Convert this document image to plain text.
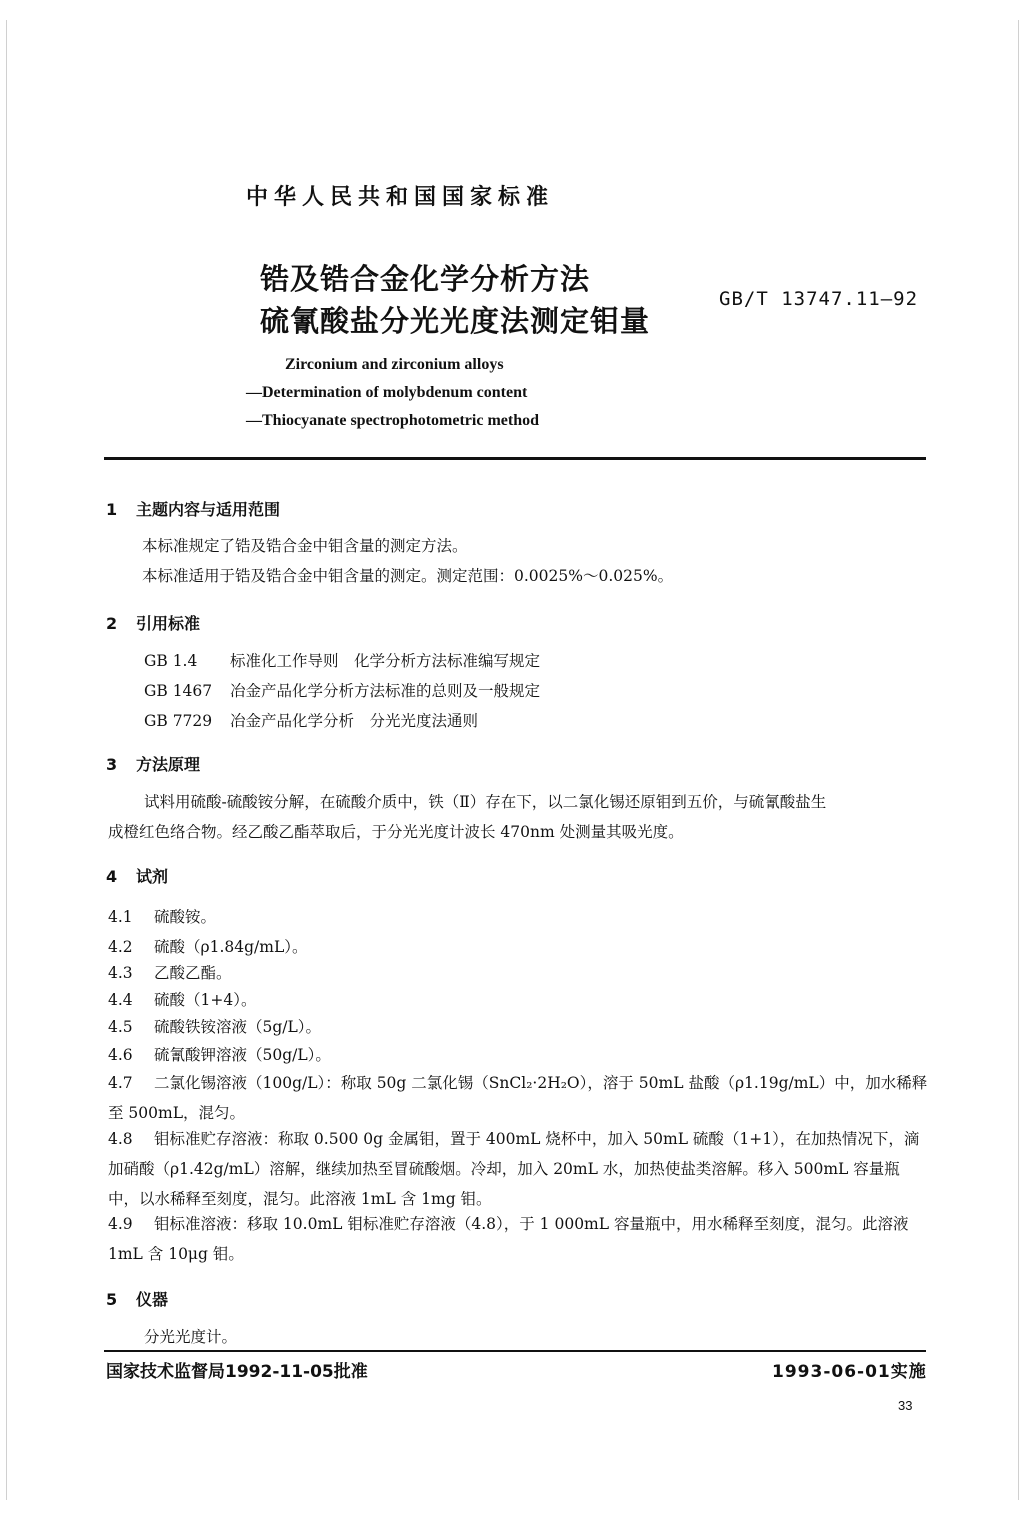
中华人民共和国国家标准
锆及锆合金化学分析方法
硫氰酸盐分光光度法测定钼量
GB/T 13747.11—92
Zirconium and zirconium alloys
—Determination of molybdenum content
—Thiocyanate spectrophotometric method
1 主题内容与适用范围
本标准规定了锆及锆合金中钼含量的测定方法。
本标准适用于锆及锆合金中钼含量的测定。测定范围：0.0025%～0.025%。
2 引用标准
GB 1.4 标准化工作导则　化学分析方法标准编写规定
GB 1467 冶金产品化学分析方法标准的总则及一般规定
GB 7729 冶金产品化学分析　分光光度法通则
3 方法原理
试料用硫酸-硫酸铵分解，在硫酸介质中，铁（Ⅱ）存在下，以二氯化锡还原钼到五价，与硫氰酸盐生
成橙红色络合物。经乙酸乙酯萃取后，于分光光度计波长 470nm 处测量其吸光度。
4 试剂
4.1 硫酸铵。
4.2 硫酸（ρ1.84g/mL）。
4.3 乙酸乙酯。
4.4 硫酸（1+4）。
4.5 硫酸铁铵溶液（5g/L）。
4.6 硫氰酸钾溶液（50g/L）。
4.7 二氯化锡溶液（100g/L）：称取 50g 二氯化锡（SnCl₂·2H₂O），溶于 50mL 盐酸（ρ1.19g/mL）中，加水稀释至 500mL，混匀。
4.8 钼标准贮存溶液：称取 0.500 0g 金属钼，置于 400mL 烧杯中，加入 50mL 硫酸（1+1），在加热情况下，滴加硝酸（ρ1.42g/mL）溶解，继续加热至冒硫酸烟。冷却，加入 20mL 水，加热使盐类溶解。移入 500mL 容量瓶中，以水稀释至刻度，混匀。此溶液 1mL 含 1mg 钼。
4.9 钼标准溶液：移取 10.0mL 钼标准贮存溶液（4.8），于 1 000mL 容量瓶中，用水稀释至刻度，混匀。此溶液 1mL 含 10μg 钼。
5 仪器
分光光度计。
国家技术监督局1992-11-05批准	1993-06-01实施
33
